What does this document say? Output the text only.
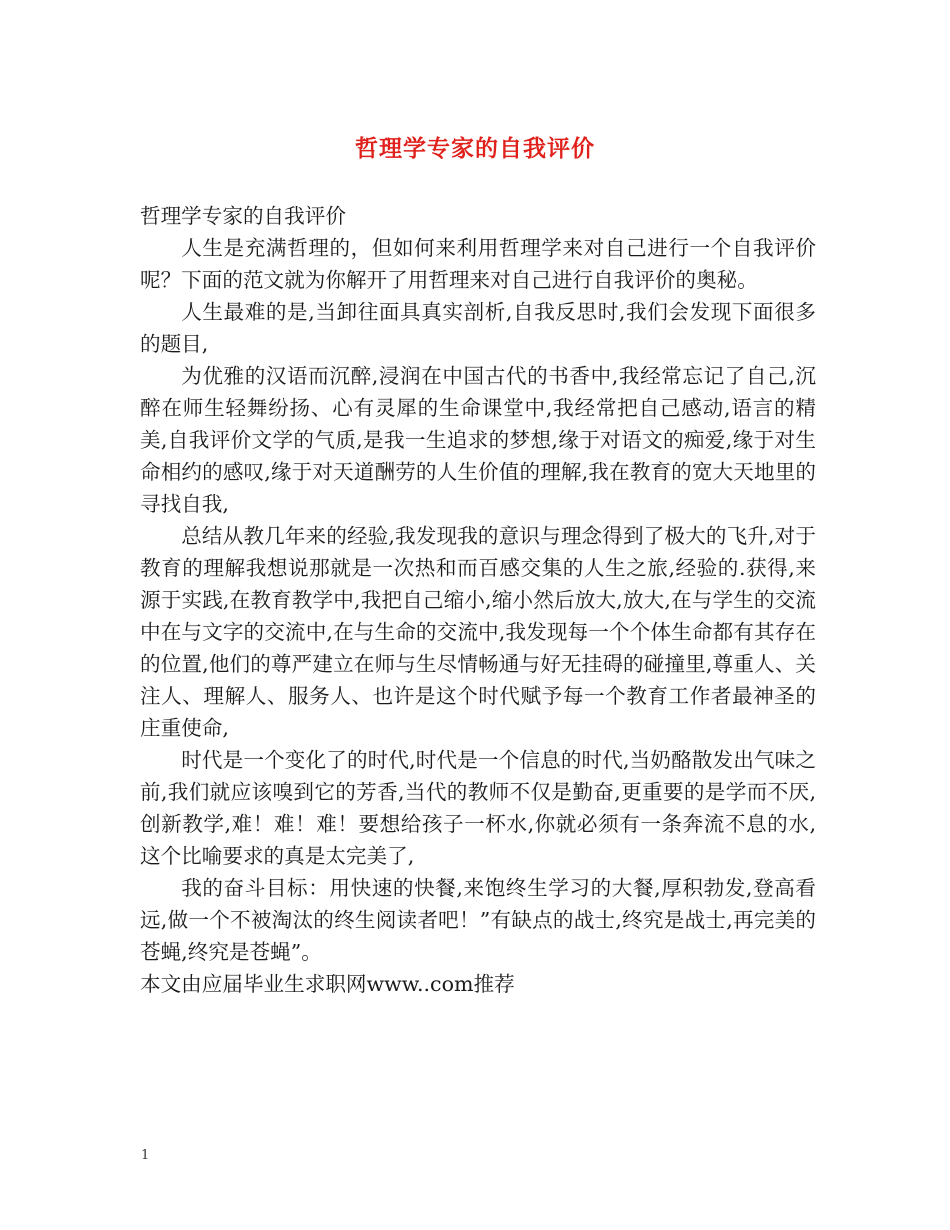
哲理学专家的自我评价

哲理学专家的自我评价

人生是充满哲理的，但如何来利用哲理学来对自己进行一个自我评价呢？下面的范文就为你解开了用哲理来对自己进行自我评价的奥秘。

人生最难的是,当卸往面具真实剖析,自我反思时,我们会发现下面很多的题目,

为优雅的汉语而沉醉,浸润在中国古代的书香中,我经常忘记了自己,沉醉在师生轻舞纷扬、心有灵犀的生命课堂中,我经常把自己感动,语言的精美,自我评价文学的气质,是我一生追求的梦想,缘于对语文的痴爱,缘于对生命相约的感叹,缘于对天道酬劳的人生价值的理解,我在教育的宽大天地里的寻找自我,

总结从教几年来的经验,我发现我的意识与理念得到了极大的飞升,对于教育的理解我想说那就是一次热和而百感交集的人生之旅,经验的.获得,来源于实践,在教育教学中,我把自己缩小,缩小然后放大,放大,在与学生的交流中在与文字的交流中,在与生命的交流中,我发现每一个个体生命都有其存在的位置,他们的尊严建立在师与生尽情畅通与好无挂碍的碰撞里,尊重人、关注人、理解人、服务人、也许是这个时代赋予每一个教育工作者最神圣的庄重使命,

时代是一个变化了的时代,时代是一个信息的时代,当奶酪散发出气味之前,我们就应该嗅到它的芳香,当代的教师不仅是勤奋,更重要的是学而不厌,创新教学,难！难！难！要想给孩子一杯水,你就必须有一条奔流不息的水,这个比喻要求的真是太完美了,

我的奋斗目标：用快速的快餐,来饱终生学习的大餐,厚积勃发,登高看远,做一个不被淘汰的终生阅读者吧！”有缺点的战士,终究是战士,再完美的苍蝇,终究是苍蝇”。

本文由应届毕业生求职网www..com推荐

1
